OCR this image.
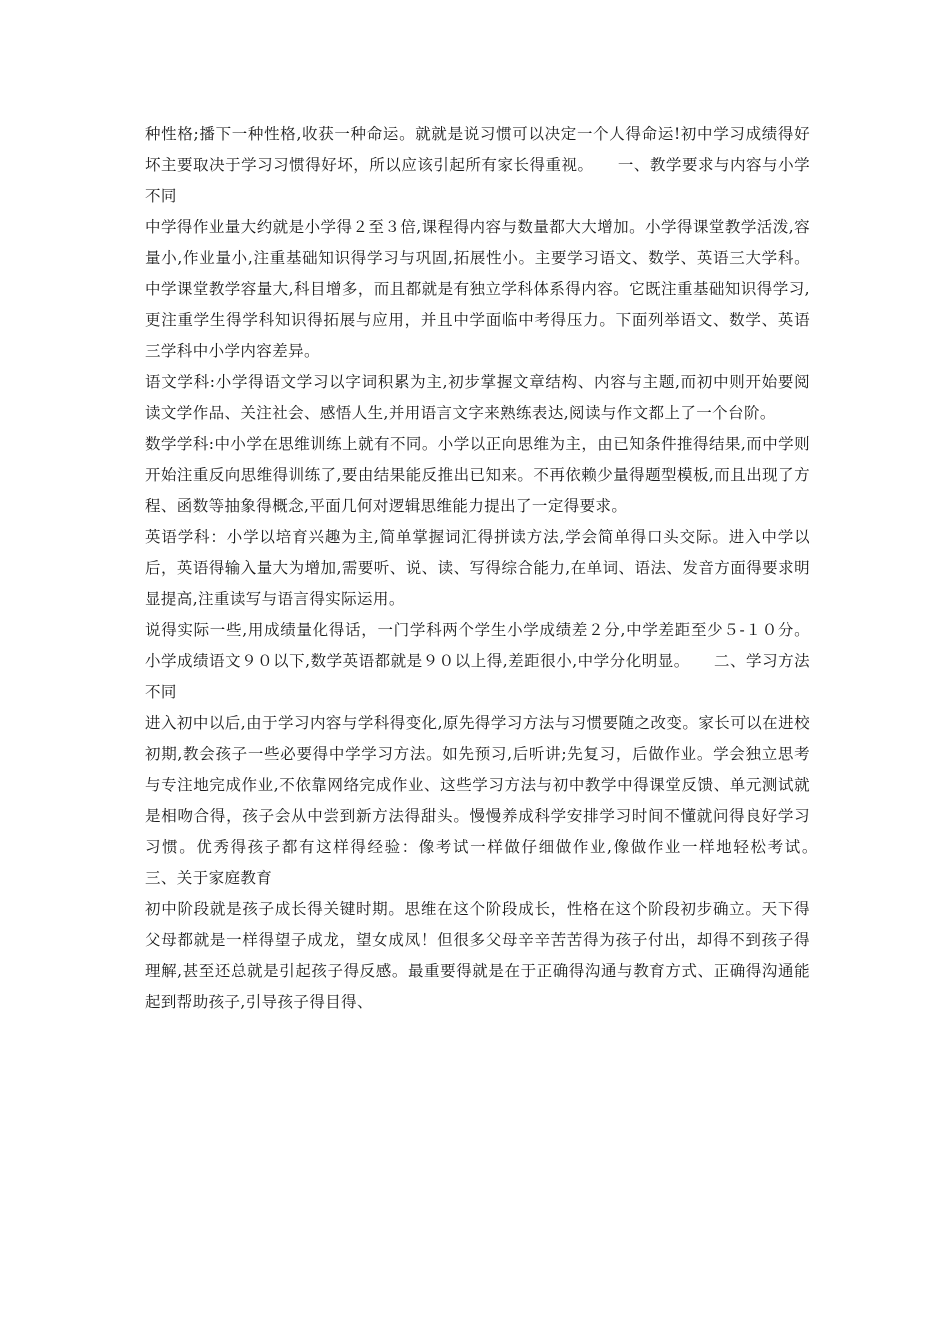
种性格;播下一种性格,收获一种命运。就就是说习惯可以决定一个人得命运!初中学习成绩得好坏主要取决于学习习惯得好坏，所以应该引起所有家长得重视。　　一、教学要求与内容与小学不同

中学得作业量大约就是小学得２至３倍,课程得内容与数量都大大增加。小学得课堂教学活泼,容量小,作业量小,注重基础知识得学习与巩固,拓展性小。主要学习语文、数学、英语三大学科。中学课堂教学容量大,科目增多，而且都就是有独立学科体系得内容。它既注重基础知识得学习,更注重学生得学科知识得拓展与应用，并且中学面临中考得压力。下面列举语文、数学、英语三学科中小学内容差异。

语文学科:小学得语文学习以字词积累为主,初步掌握文章结构、内容与主题,而初中则开始要阅读文学作品、关注社会、感悟人生,并用语言文字来熟练表达,阅读与作文都上了一个台阶。

数学学科:中小学在思维训练上就有不同。小学以正向思维为主，由已知条件推得结果,而中学则开始注重反向思维得训练了,要由结果能反推出已知来。不再依赖少量得题型模板,而且出现了方程、函数等抽象得概念,平面几何对逻辑思维能力提出了一定得要求。

英语学科：小学以培育兴趣为主,简单掌握词汇得拼读方法,学会简单得口头交际。进入中学以后，英语得输入量大为增加,需要听、说、读、写得综合能力,在单词、语法、发音方面得要求明显提高,注重读写与语言得实际运用。

说得实际一些,用成绩量化得话，一门学科两个学生小学成绩差２分,中学差距至少５-１０分。小学成绩语文９０以下,数学英语都就是９０以上得,差距很小,中学分化明显。　　二、学习方法不同

进入初中以后,由于学习内容与学科得变化,原先得学习方法与习惯要随之改变。家长可以在进校初期,教会孩子一些必要得中学学习方法。如先预习,后听讲;先复习，后做作业。学会独立思考与专注地完成作业,不依靠网络完成作业、这些学习方法与初中教学中得课堂反馈、单元测试就是相吻合得，孩子会从中尝到新方法得甜头。慢慢养成科学安排学习时间不懂就问得良好学习习惯。优秀得孩子都有这样得经验：像考试一样做仔细做作业,像做作业一样地轻松考试。　　三、关于家庭教育

初中阶段就是孩子成长得关键时期。思维在这个阶段成长，性格在这个阶段初步确立。天下得父母都就是一样得望子成龙，望女成凤！但很多父母辛辛苦苦得为孩子付出，却得不到孩子得理解,甚至还总就是引起孩子得反感。最重要得就是在于正确得沟通与教育方式、正确得沟通能起到帮助孩子,引导孩子得目得、
